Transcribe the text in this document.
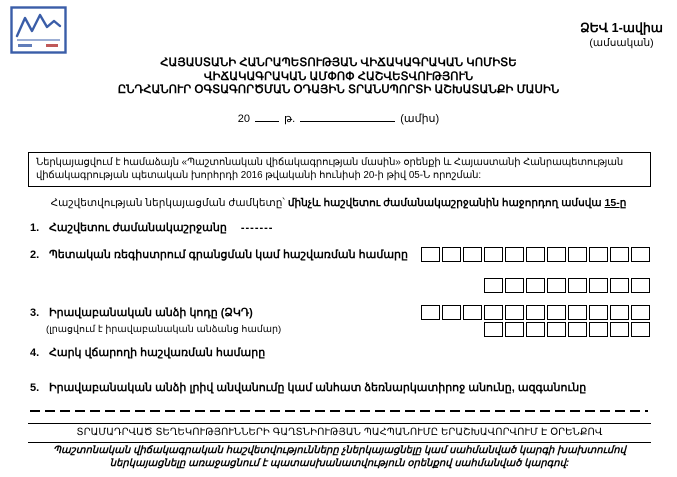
ՁԵՎ 1-ավիա
(ամսական)
ՀԱՅԱՍՏԱՆԻ ՀԱՆՐԱՊԵՏՈՒԹՅԱՆ ՎԻՃԱԿԱԳՐԱԿԱՆ ԿՈՄԻՏԵ
ՎԻՃԱԿԱԳՐԱԿԱՆ ԱՄՓՈՓ ՀԱՇՎԵՏՎՈՒԹՅՈՒՆ
ԸՆԴՀԱՆՈՒՐ ՕԳՏԱԳՈՐԾՄԱՆ ՕԴԱՅԻՆ ՏՐԱՆՍՊՈՐՏԻ ԱՇԽԱՏԱՆՔԻ ՄԱՍԻՆ
20	թ.	(ամիս)
Ներկայացվում է համաձայն «Պաշտոնական վիճակագրության մասին» օրենքի և Հայաստանի Հանրապետության վիճակագրության պետական խորհրդի 2016 թվականի հունիսի 20-ի թիվ 05-Ն որոշման:
Հաշվետվության ներկայացման ժամկետը՝ մինչև հաշվետու ժամանակաշրջանին հաջորդող ամսվա 15-ը
1. Հաշվետու ժամանակաշրջանը -------
2. Պետական ռեգիստրում գրանցման կամ հաշվառման համարը
3. Իրավաբանական անձի կոդը (ՁԿԴ)
(լրացվում է իրավաբանական անձանց համար)
4. Հարկ վճարողի հաշվառման համարը
5. Իրավաբանական անձի լրիվ անվանումը կամ անհատ ձեռնարկատիրոջ անունը, ազգանունը
ՏՐԱՄԱԴՐՎԱԾ ՏԵՂԵԿՈՒԹՅՈՒՆՆԵՐԻ ԳԱՂՏՆԻՈՒԹՅԱՆ ՊԱՀՊԱՆՈՒՄԸ ԵՐԱՇԽԱՎՈՐՎՈՒՄ Է ՕՐԵՆՔՈՎ
Պաշտոնական վիճակագրական հաշվետվությունները չներկայացնելը կամ սահմանված կարգի խախտումով ներկայացնելը առաջացնում է պատասխանատվություն օրենքով սահմանված կարգով:
